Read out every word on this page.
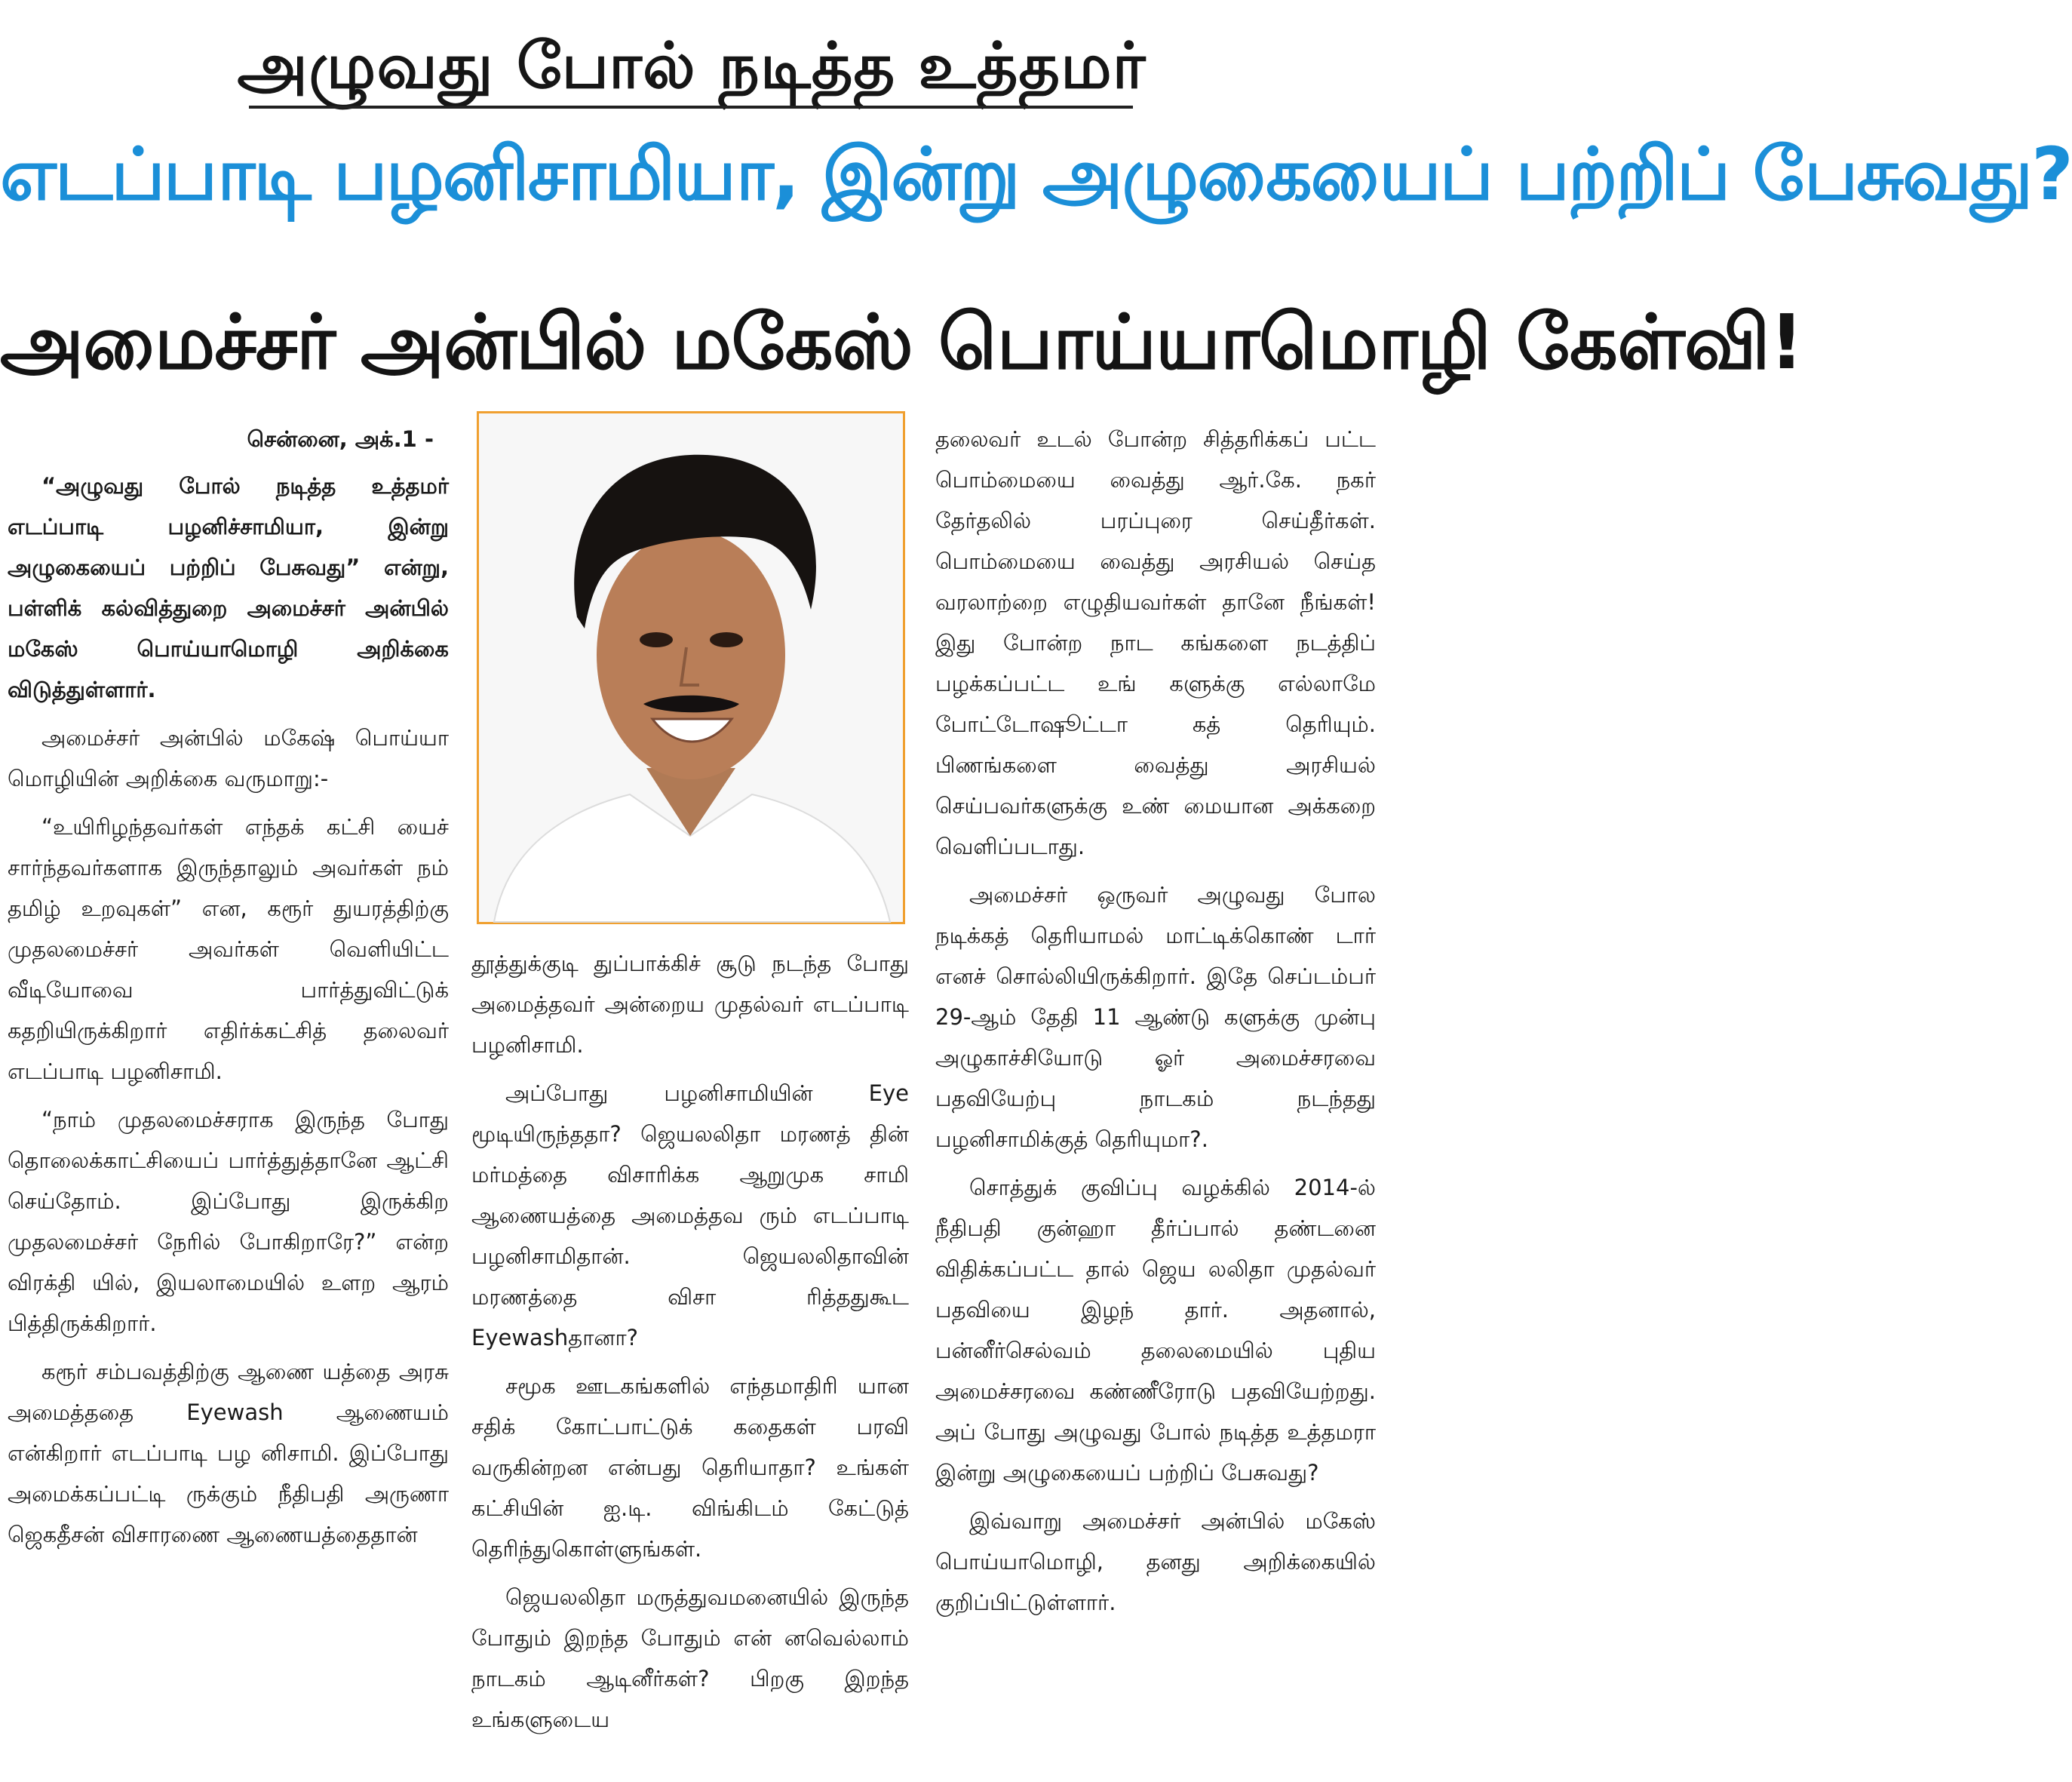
அழுவது போல் நடித்த உத்தமர்
எடப்பாடி பழனிசாமியா, இன்று அழுகையைப் பற்றிப் பேசுவது?
அமைச்சர் அன்பில் மகேஸ் பொய்யாமொழி கேள்வி!

சென்னை, அக்.1 -

“அழுவது போல் நடித்த உத்தமர் எடப்பாடி பழனிச்சாமியா, இன்று அழுகையைப் பற்றிப் பேசுவது” என்று, பள்ளிக் கல்வித்துறை அமைச்சர் அன்பில் மகேஸ் பொய்யாமொழி அறிக்கை விடுத்துள்ளார்.

அமைச்சர் அன்பில் மகேஷ் பொய்யா மொழியின் அறிக்கை வருமாறு:-

“உயிரிழந்தவர்கள் எந்தக் கட்சி யைச் சார்ந்தவர்களாக இருந்தாலும் அவர்கள் நம் தமிழ் உறவுகள்” என, கரூர் துயரத்திற்கு முதலமைச்சர் அவர்கள் வெளியிட்ட வீடியோவை பார்த்துவிட்டுக் கதறியிருக்கிறார் எதிர்க்கட்சித் தலைவர் எடப்பாடி பழனிசாமி.

“நாம் முதலமைச்சராக இருந்த போது தொலைக்காட்சியைப் பார்த்துத்தானே ஆட்சி செய்தோம். இப்போது இருக்கிற முதலமைச்சர் நேரில் போகிறாரே?” என்ற விரக்தி யில், இயலாமையில் உளற ஆரம் பித்திருக்கிறார்.

கரூர் சம்பவத்திற்கு ஆணை யத்தை அரசு அமைத்ததை Eyewash ஆணையம் என்கிறார் எடப்பாடி பழ னிசாமி. இப்போது அமைக்கப்பட்டி ருக்கும் நீதிபதி அருணா ஜெகதீசன் விசாரணை ஆணையத்தைதான்

தூத்துக்குடி துப்பாக்கிச் சூடு நடந்த போது அமைத்தவர் அன்றைய முதல்வர் எடப்பாடி பழனிசாமி.

அப்போது பழனிசாமியின் Eye மூடியிருந்ததா? ஜெயலலிதா மரணத் தின் மர்மத்தை விசாரிக்க ஆறுமுக சாமி ஆணையத்தை அமைத்தவ ரும் எடப்பாடி பழனிசாமிதான். ஜெயலலிதாவின் மரணத்தை விசா ரித்ததுகூட Eyewashதானா?

சமூக ஊடகங்களில் எந்தமாதிரி யான சதிக் கோட்பாட்டுக் கதைகள் பரவி வருகின்றன என்பது தெரியாதா? உங்கள் கட்சியின் ஐ.டி. விங்கிடம் கேட்டுத் தெரிந்துகொள்ளுங்கள்.

ஜெயலலிதா மருத்துவமனையில் இருந்த போதும் இறந்த போதும் என் னவெல்லாம் நாடகம் ஆடினீர்கள்? பிறகு இறந்த உங்களுடைய

தலைவர் உடல் போன்ற சித்தரிக்கப் பட்ட பொம்மையை வைத்து ஆர்.கே. நகர் தேர்தலில் பரப்புரை செய்தீர்கள். பொம்மையை வைத்து அரசியல் செய்த வரலாற்றை எழுதியவர்கள் தானே நீங்கள்! இது போன்ற நாட கங்களை நடத்திப் பழக்கப்பட்ட உங் களுக்கு எல்லாமே போட்டோஷூட்டா கத் தெரியும். பிணங்களை வைத்து அரசியல் செய்பவர்களுக்கு உண் மையான அக்கறை வெளிப்படாது.

அமைச்சர் ஒருவர் அழுவது போல நடிக்கத் தெரியாமல் மாட்டிக்கொண் டார் எனச் சொல்லியிருக்கிறார். இதே செப்டம்பர் 29-ஆம் தேதி 11 ஆண்டு களுக்கு முன்பு அழுகாச்சியோடு ஓர் அமைச்சரவை பதவியேற்பு நாடகம் நடந்தது பழனிசாமிக்குத் தெரியுமா?.

சொத்துக் குவிப்பு வழக்கில் 2014-ல் நீதிபதி குன்ஹா தீர்ப்பால் தண்டனை விதிக்கப்பட்ட தால் ஜெய லலிதா முதல்வர் பதவியை இழந் தார். அதனால், பன்னீர்செல்வம் தலைமையில் புதிய அமைச்சரவை கண்ணீரோடு பதவியேற்றது. அப் போது அழுவது போல் நடித்த உத்தமரா இன்று அழுகையைப் பற்றிப் பேசுவது?

இவ்வாறு அமைச்சர் அன்பில் மகேஸ் பொய்யாமொழி, தனது அறிக்கையில் குறிப்பிட்டுள்ளார்.
